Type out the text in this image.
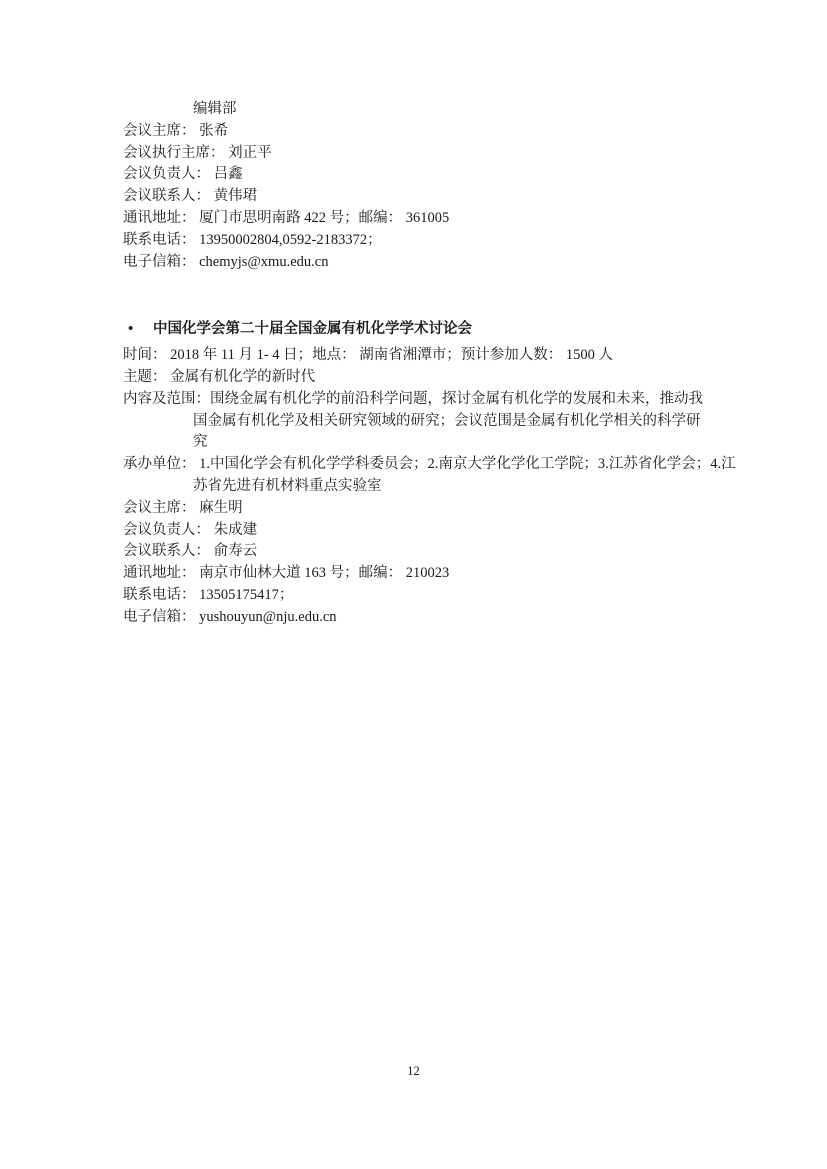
编辑部
会议主席： 张希
会议执行主席： 刘正平
会议负责人： 吕鑫
会议联系人： 黄伟珺
通讯地址： 厦门市思明南路 422 号；邮编： 361005
联系电话： 13950002804,0592-2183372；
电子信箱： chemyjs@xmu.edu.cn
• 中国化学会第二十届全国金属有机化学学术讨论会
时间： 2018 年 11 月 1- 4 日；地点： 湖南省湘潭市；预计参加人数： 1500 人
主题： 金属有机化学的新时代
内容及范围：围绕金属有机化学的前沿科学问题，探讨金属有机化学的发展和未来，推动我
国金属有机化学及相关研究领域的研究；会议范围是金属有机化学相关的科学研
究
承办单位： 1.中国化学会有机化学学科委员会；2.南京大学化学化工学院；3.江苏省化学会；4.江
苏省先进有机材料重点实验室
会议主席： 麻生明
会议负责人： 朱成建
会议联系人： 俞寿云
通讯地址： 南京市仙林大道 163 号；邮编： 210023
联系电话： 13505175417；
电子信箱： yushouyun@nju.edu.cn
12
